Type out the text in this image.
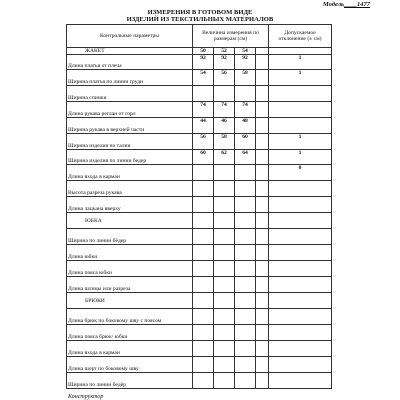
Модель____1477
ИЗМЕРЕНИЯ В ГОТОВОМ ВИДЕ
ИЗДЕЛИЙ ИЗ ТЕКСТИЛЬНЫХ МАТЕРИАЛОВ
Контрольные параметры	Величина измерения по размерам (см)				Допускаемое отклонение (± см)
ЖАКЕТ	50	52	54		
Длина платья от плеча	92	92	92		1
Ширина платья по линии груди	54	56	58		1
Ширина спинки					
Длина рукава реглан от горл	74	74	74		
Ширина рукава в верхней части	44	46	48		
Ширина изделия по талии	56	58	60		1
Ширина изделия по линии бедер	60	62	64		1
Длина входа в карман					0
Высота разреза рукава					
Длина лацкана вверху					
ЮБКА					
Ширина по линии бёдер					
Длина юбки					
Длина пояса юбки					
Длина шлицы или разреза					
БРЮКИ					
Длина брюк по боковому шву с поясом					
Длина пояса брюк/ юбки					
Длина входа в карман					
Длина шорт по боковому шву					
Ширина по линии бедёр					
Конструктор
